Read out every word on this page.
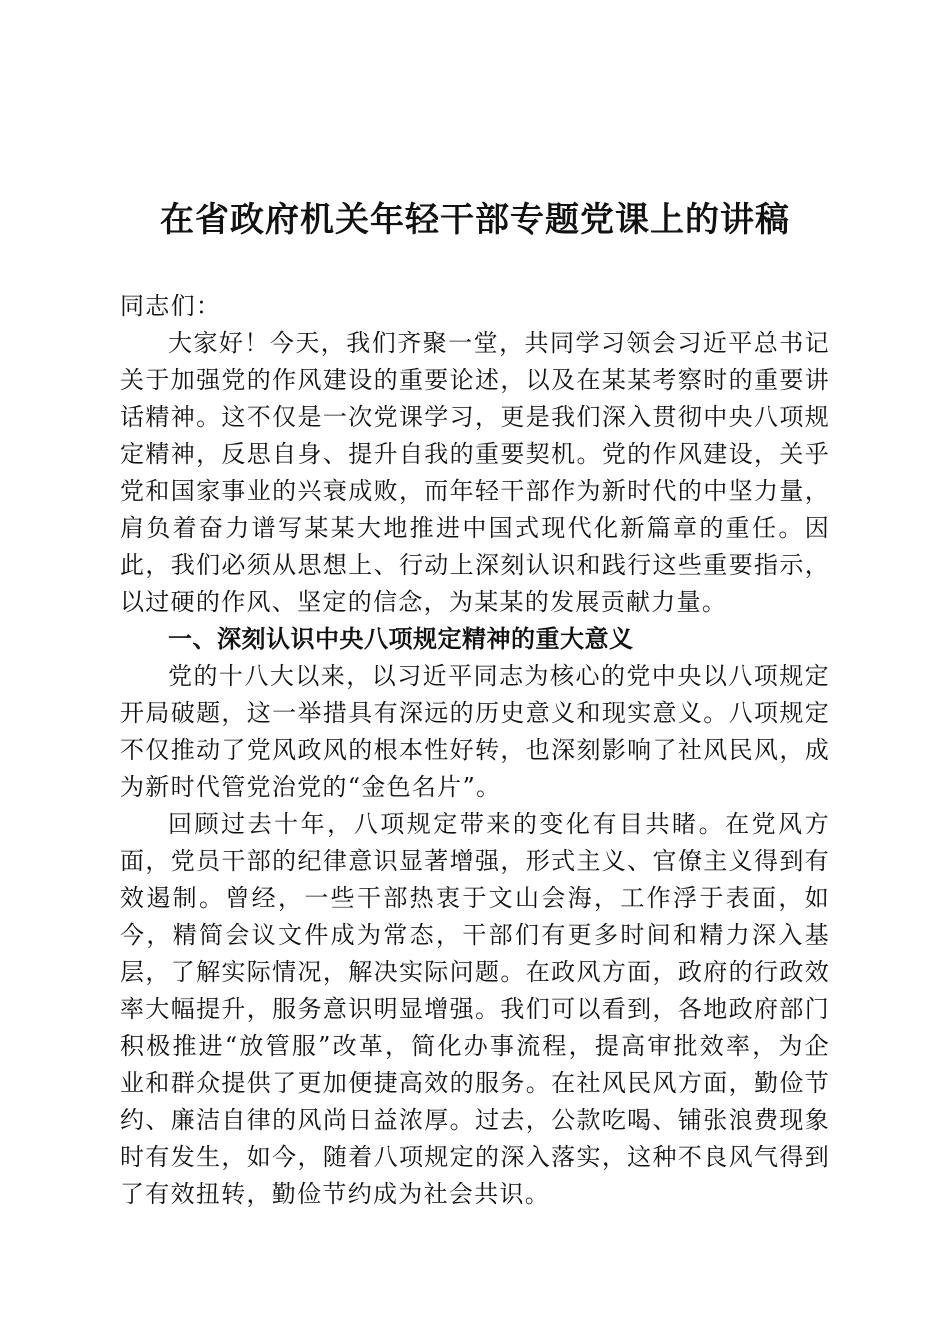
在省政府机关年轻干部专题党课上的讲稿

同志们：

大家好！今天，我们齐聚一堂，共同学习领会习近平总书记关于加强党的作风建设的重要论述，以及在某某考察时的重要讲话精神。这不仅是一次党课学习，更是我们深入贯彻中央八项规定精神，反思自身、提升自我的重要契机。党的作风建设，关乎党和国家事业的兴衰成败，而年轻干部作为新时代的中坚力量，肩负着奋力谱写某某大地推进中国式现代化新篇章的重任。因此，我们必须从思想上、行动上深刻认识和践行这些重要指示，以过硬的作风、坚定的信念，为某某的发展贡献力量。

一、深刻认识中央八项规定精神的重大意义

党的十八大以来，以习近平同志为核心的党中央以八项规定开局破题，这一举措具有深远的历史意义和现实意义。八项规定不仅推动了党风政风的根本性好转，也深刻影响了社风民风，成为新时代管党治党的“金色名片”。

回顾过去十年，八项规定带来的变化有目共睹。在党风方面，党员干部的纪律意识显著增强，形式主义、官僚主义得到有效遏制。曾经，一些干部热衷于文山会海，工作浮于表面，如今，精简会议文件成为常态，干部们有更多时间和精力深入基层，了解实际情况，解决实际问题。在政风方面，政府的行政效率大幅提升，服务意识明显增强。我们可以看到，各地政府部门积极推进“放管服”改革，简化办事流程，提高审批效率，为企业和群众提供了更加便捷高效的服务。在社风民风方面，勤俭节约、廉洁自律的风尚日益浓厚。过去，公款吃喝、铺张浪费现象时有发生，如今，随着八项规定的深入落实，这种不良风气得到了有效扭转，勤俭节约成为社会共识。
